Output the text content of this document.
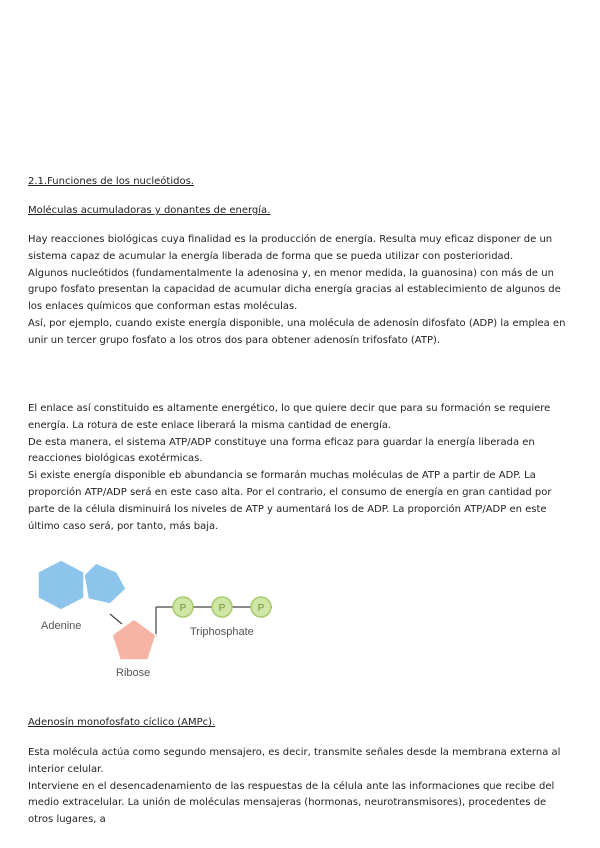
2.1.Funciones de los nucleótidos.
Moléculas acumuladoras y donantes de energía.

Hay reacciones biológicas cuya finalidad es la producción de energía. Resulta muy eficaz disponer de un sistema capaz de acumular la energía liberada de forma que se pueda utilizar con posterioridad.

Algunos nucleótidos (fundamentalmente la adenosina y, en menor medida, la guanosina) con más de un grupo fosfato presentan la capacidad de acumular dicha energía gracias al establecimiento de algunos de los enlaces químicos que conforman estas moléculas.

Así, por ejemplo, cuando existe energía disponible, una molécula de adenosín difosfato (ADP) la emplea en unir un tercer grupo fosfato a los otros dos para obtener adenosín trifosfato (ATP).

El enlace así constituido es altamente energético, lo que quiere decir que para su formación se requiere energía. La rotura de este enlace liberará la misma cantidad de energía.

De esta manera, el sistema ATP/ADP constituye una forma eficaz para guardar la energía liberada en reacciones biológicas exotérmicas.

Si existe energía disponible eb abundancia se formarán muchas moléculas de ATP a partir de ADP. La proporción ATP/ADP será en este caso alta. Por el contrario, el consumo de energía en gran cantidad por parte de la célula disminuirá los niveles de ATP y aumentará los de ADP. La proporción ATP/ADP en este último caso será, por tanto, más baja.

P	P	P
Adenine	Triphosphate
Ribose
Adenosín monofosfato cíclico (AMPc).

Esta molécula actúa como segundo mensajero, es decir, transmite señales desde la membrana externa al interior celular.

Interviene en el desencadenamiento de las respuestas de la célula ante las informaciones que recibe del medio extracelular. La unión de moléculas mensajeras (hormonas, neurotransmisores), procedentes de otros lugares, a
